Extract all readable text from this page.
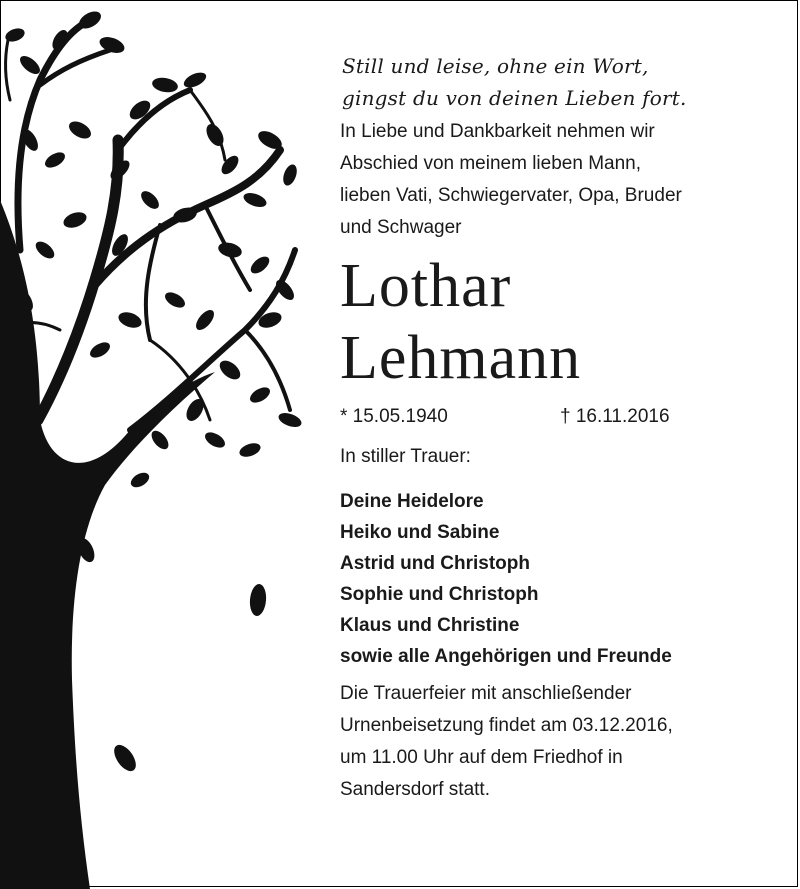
Still und leise, ohne ein Wort,
gingst du von deinen Lieben fort.
In Liebe und Dankbarkeit nehmen wir
Abschied von meinem lieben Mann,
lieben Vati, Schwiegervater, Opa, Bruder
und Schwager
Lothar
Lehmann
* 15.05.1940	† 16.11.2016
In stiller Trauer:
Deine Heidelore
Heiko und Sabine
Astrid und Christoph
Sophie und Christoph
Klaus und Christine
sowie alle Angehörigen und Freunde
Die Trauerfeier mit anschließender
Urnenbeisetzung findet am 03.12.2016,
um 11.00 Uhr auf dem Friedhof in
Sandersdorf statt.
